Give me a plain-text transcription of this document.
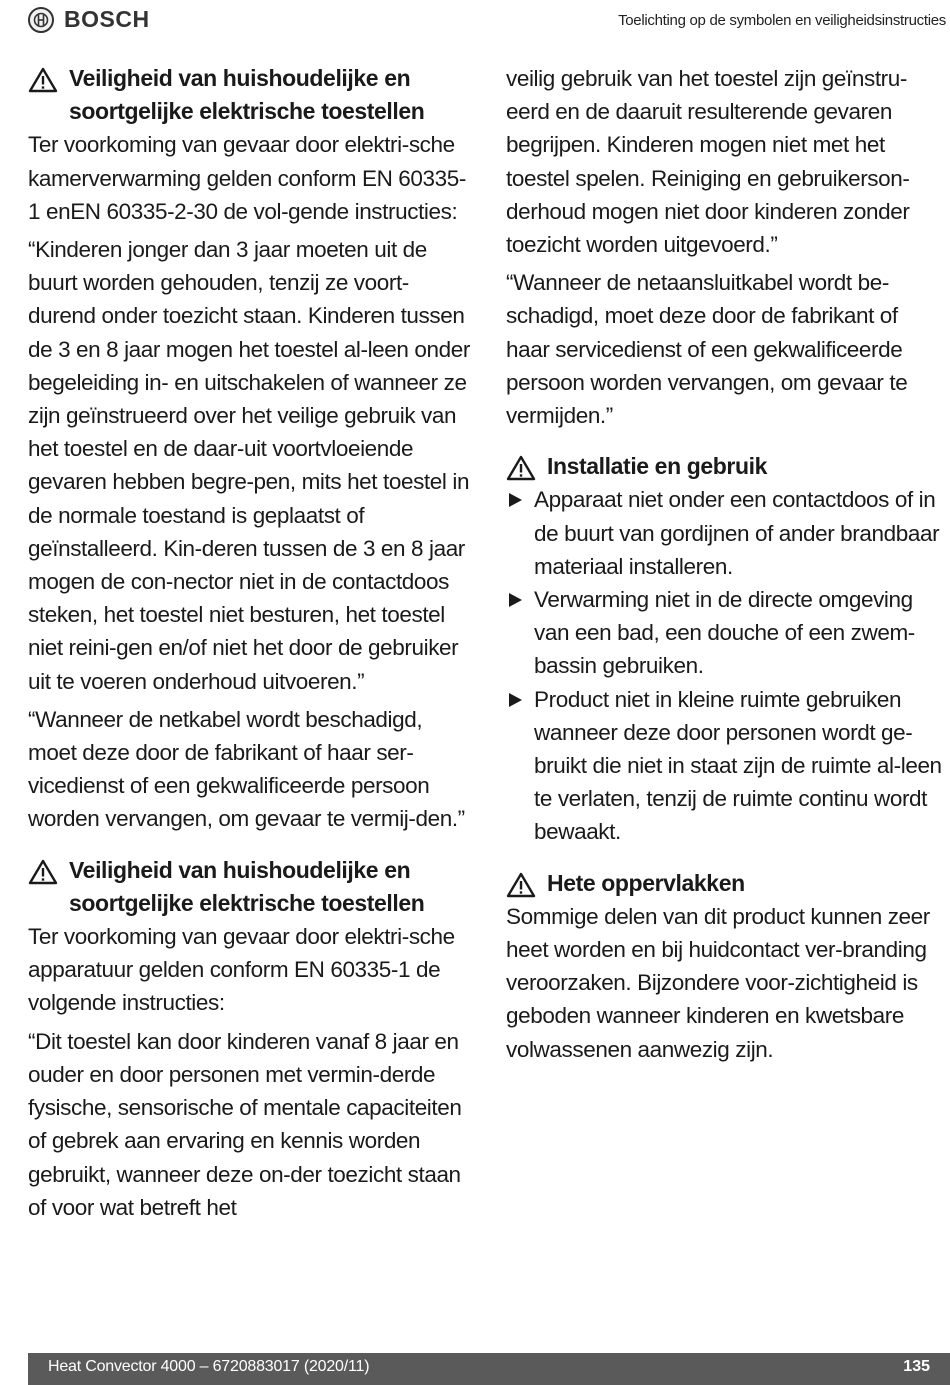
BOSCH	Toelichting op de symbolen en veiligheidsinstructies
Veiligheid van huishoudelijke en soortgelijke elektrische toestellen

Ter voorkoming van gevaar door elektri-sche kamerverwarming gelden conform EN 60335-1 enEN 60335-2-30 de vol-gende instructies:

“Kinderen jonger dan 3 jaar moeten uit de buurt worden gehouden, tenzij ze voort-durend onder toezicht staan. Kinderen tussen de 3 en 8 jaar mogen het toestel al-leen onder begeleiding in- en uitschakelen of wanneer ze zijn geïnstrueerd over het veilige gebruik van het toestel en de daar-uit voortvloeiende gevaren hebben begre-pen, mits het toestel in de normale toestand is geplaatst of geïnstalleerd. Kin-deren tussen de 3 en 8 jaar mogen de con-nector niet in de contactdoos steken, het toestel niet besturen, het toestel niet reini-gen en/of niet het door de gebruiker uit te voeren onderhoud uitvoeren.”

“Wanneer de netkabel wordt beschadigd, moet deze door de fabrikant of haar ser-vicedienst of een gekwalificeerde persoon worden vervangen, om gevaar te vermij-den.”

Veiligheid van huishoudelijke en soortgelijke elektrische toestellen

Ter voorkoming van gevaar door elektri-sche apparatuur gelden conform EN 60335-1 de volgende instructies:

“Dit toestel kan door kinderen vanaf 8 jaar en ouder en door personen met vermin-derde fysische, sensorische of mentale capaciteiten of gebrek aan ervaring en kennis worden gebruikt, wanneer deze on-der toezicht staan of voor wat betreft het

veilig gebruik van het toestel zijn geïnstru-eerd en de daaruit resulterende gevaren begrijpen. Kinderen mogen niet met het toestel spelen. Reiniging en gebruikerson-derhoud mogen niet door kinderen zonder toezicht worden uitgevoerd.”

“Wanneer de netaansluitkabel wordt be-schadigd, moet deze door de fabrikant of haar servicedienst of een gekwalificeerde persoon worden vervangen, om gevaar te vermijden.”

Installatie en gebruik
Apparaat niet onder een contactdoos of in de buurt van gordijnen of ander brandbaar materiaal installeren.
Verwarming niet in de directe omgeving van een bad, een douche of een zwem-bassin gebruiken.
Product niet in kleine ruimte gebruiken wanneer deze door personen wordt ge-bruikt die niet in staat zijn de ruimte al-leen te verlaten, tenzij de ruimte continu wordt bewaakt.
Hete oppervlakken

Sommige delen van dit product kunnen zeer heet worden en bij huidcontact ver-branding veroorzaken. Bijzondere voor-zichtigheid is geboden wanneer kinderen en kwetsbare volwassenen aanwezig zijn.

Heat Convector 4000 – 6720883017 (2020/11)	135
